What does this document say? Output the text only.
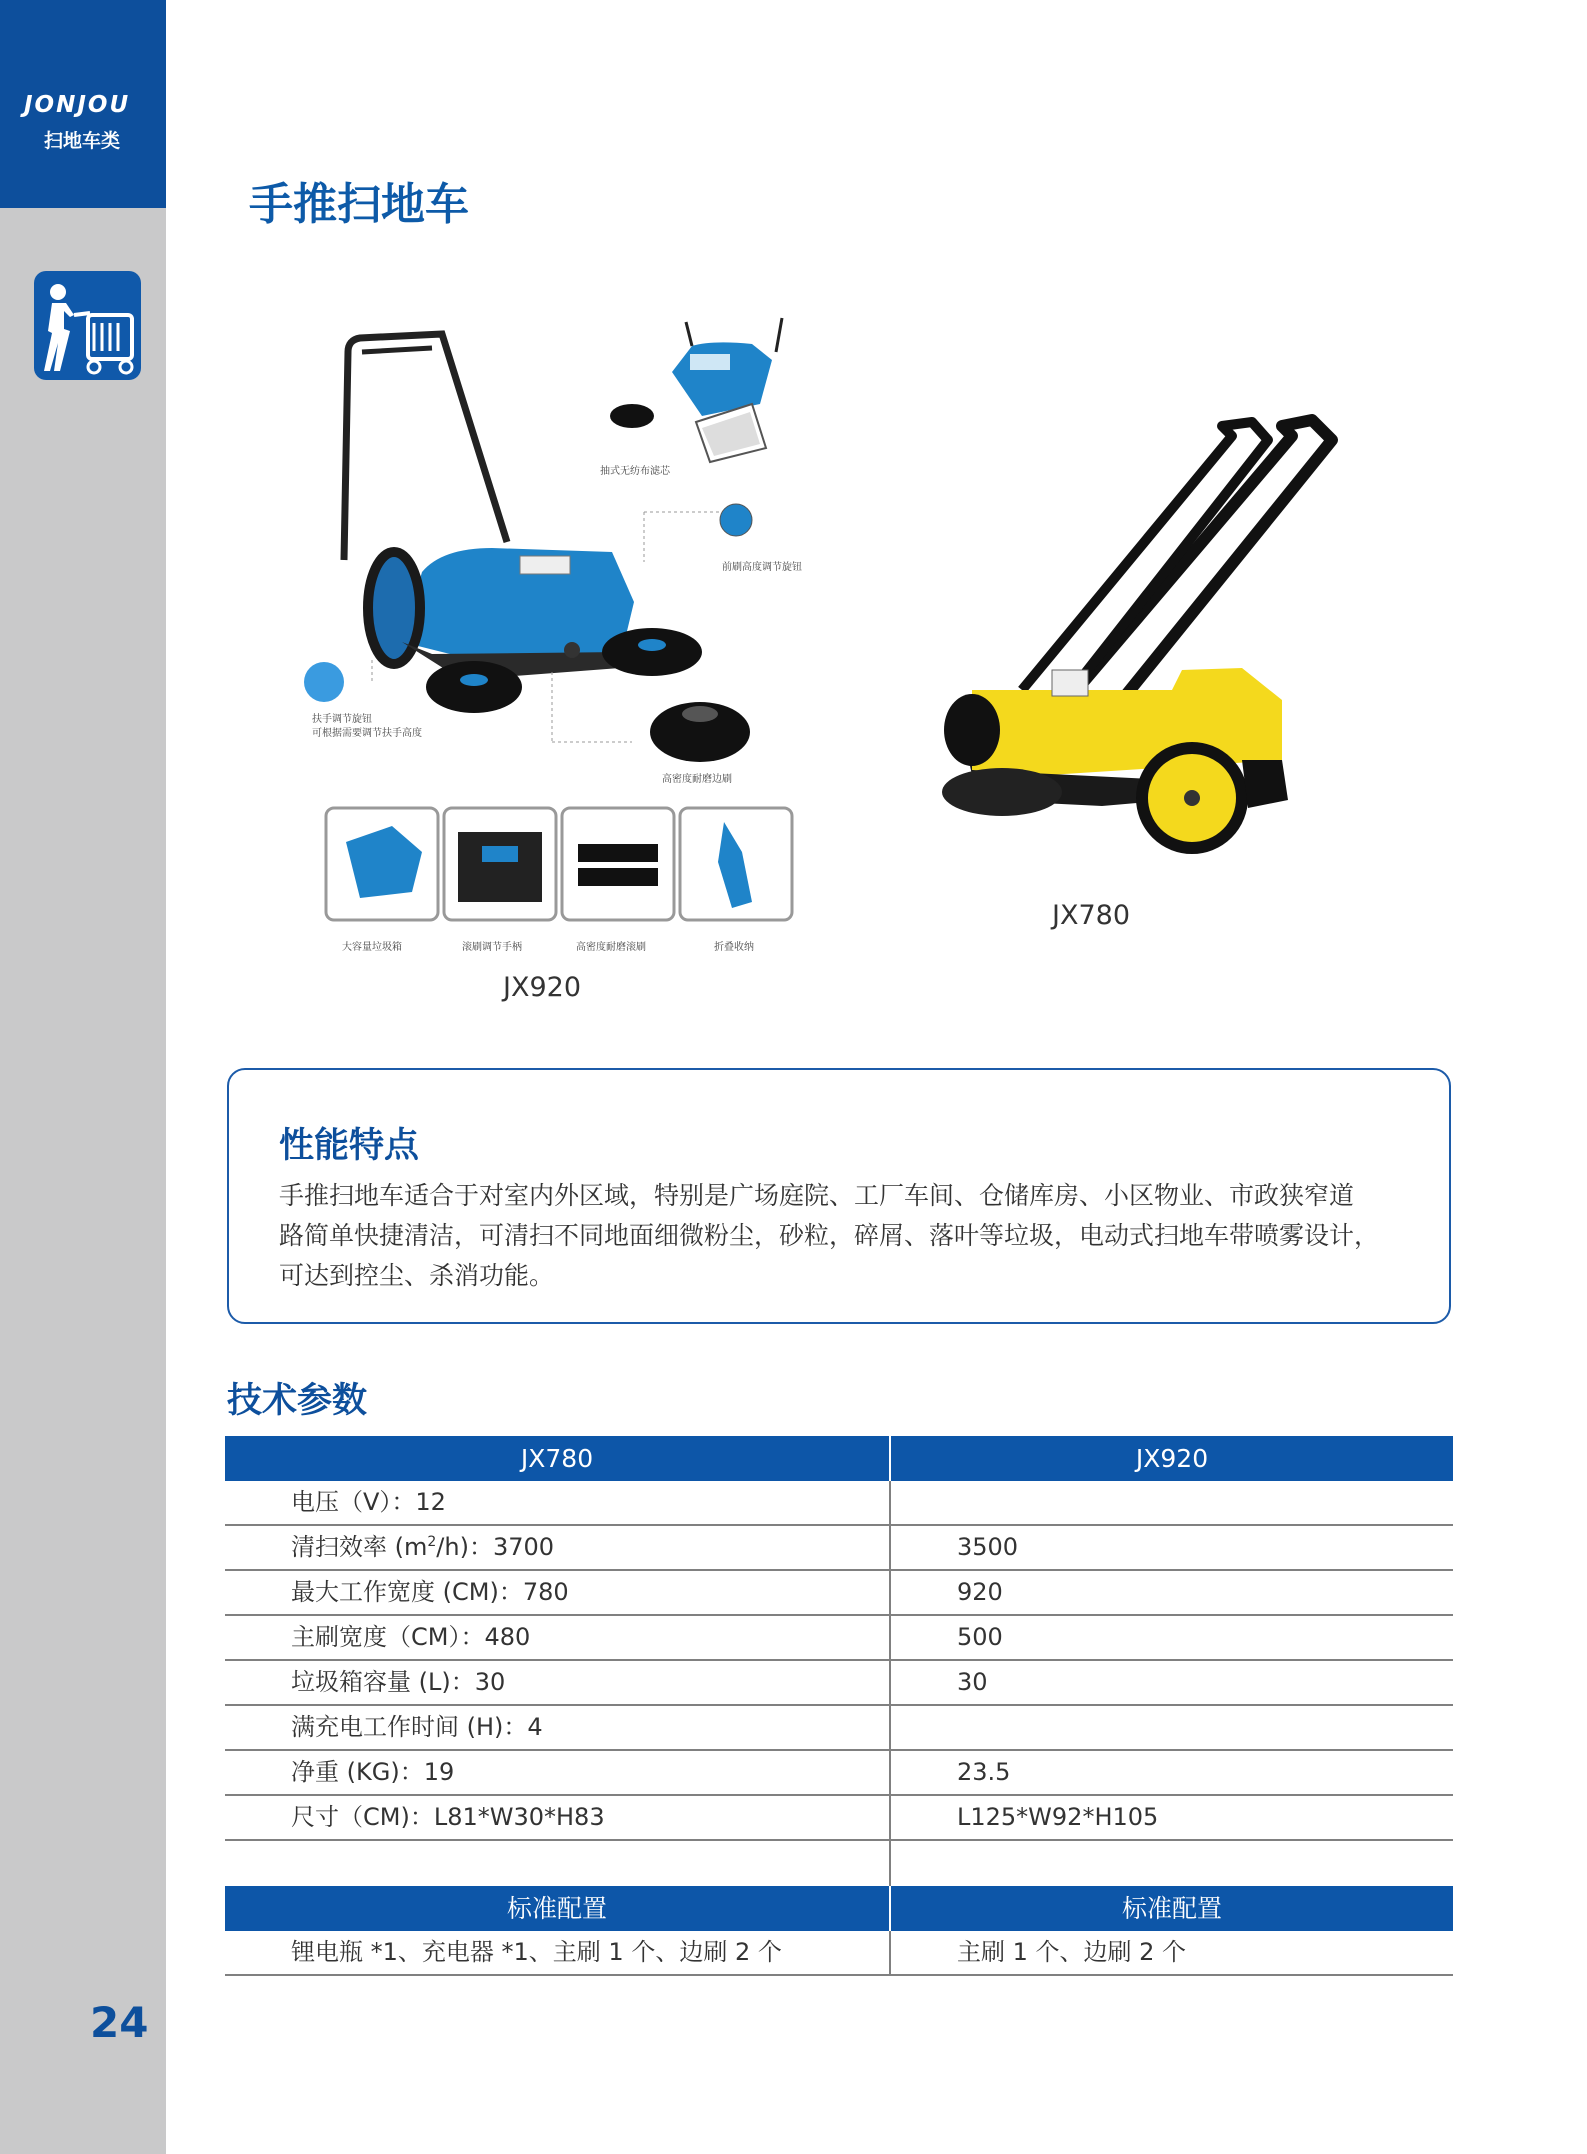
JONJOU
扫地车类
24
手推扫地车
抽式无纺布滤芯
前刷高度调节旋钮
扶手调节旋钮
可根据需要调节扶手高度
高密度耐磨边刷
大容量垃圾箱	滚刷调节手柄	高密度耐磨滚刷	折叠收纳
JX920
JX780
性能特点
手推扫地车适合于对室内外区域，特别是广场庭院、工厂车间、仓储库房、小区物业、市政狭窄道
路简单快捷清洁，可清扫不同地面细微粉尘，砂粒，碎屑、落叶等垃圾，电动式扫地车带喷雾设计，
可达到控尘、杀消功能。
技术参数
JX780	JX920
电压（V）：12
清扫效率 $(m^2/h)$：3700	3500
最大工作宽度 (CM)：780	920
主刷宽度（CM）：480	500
垃圾箱容量 (L)：30	30
满充电工作时间 (H)：4
净重 (KG)：19	23.5
尺寸（CM)：L81*W30*H83	L125*W92*H105
标准配置	标准配置
锂电瓶 *1、充电器 *1、主刷 1 个、边刷 2 个	主刷 1 个、边刷 2 个
